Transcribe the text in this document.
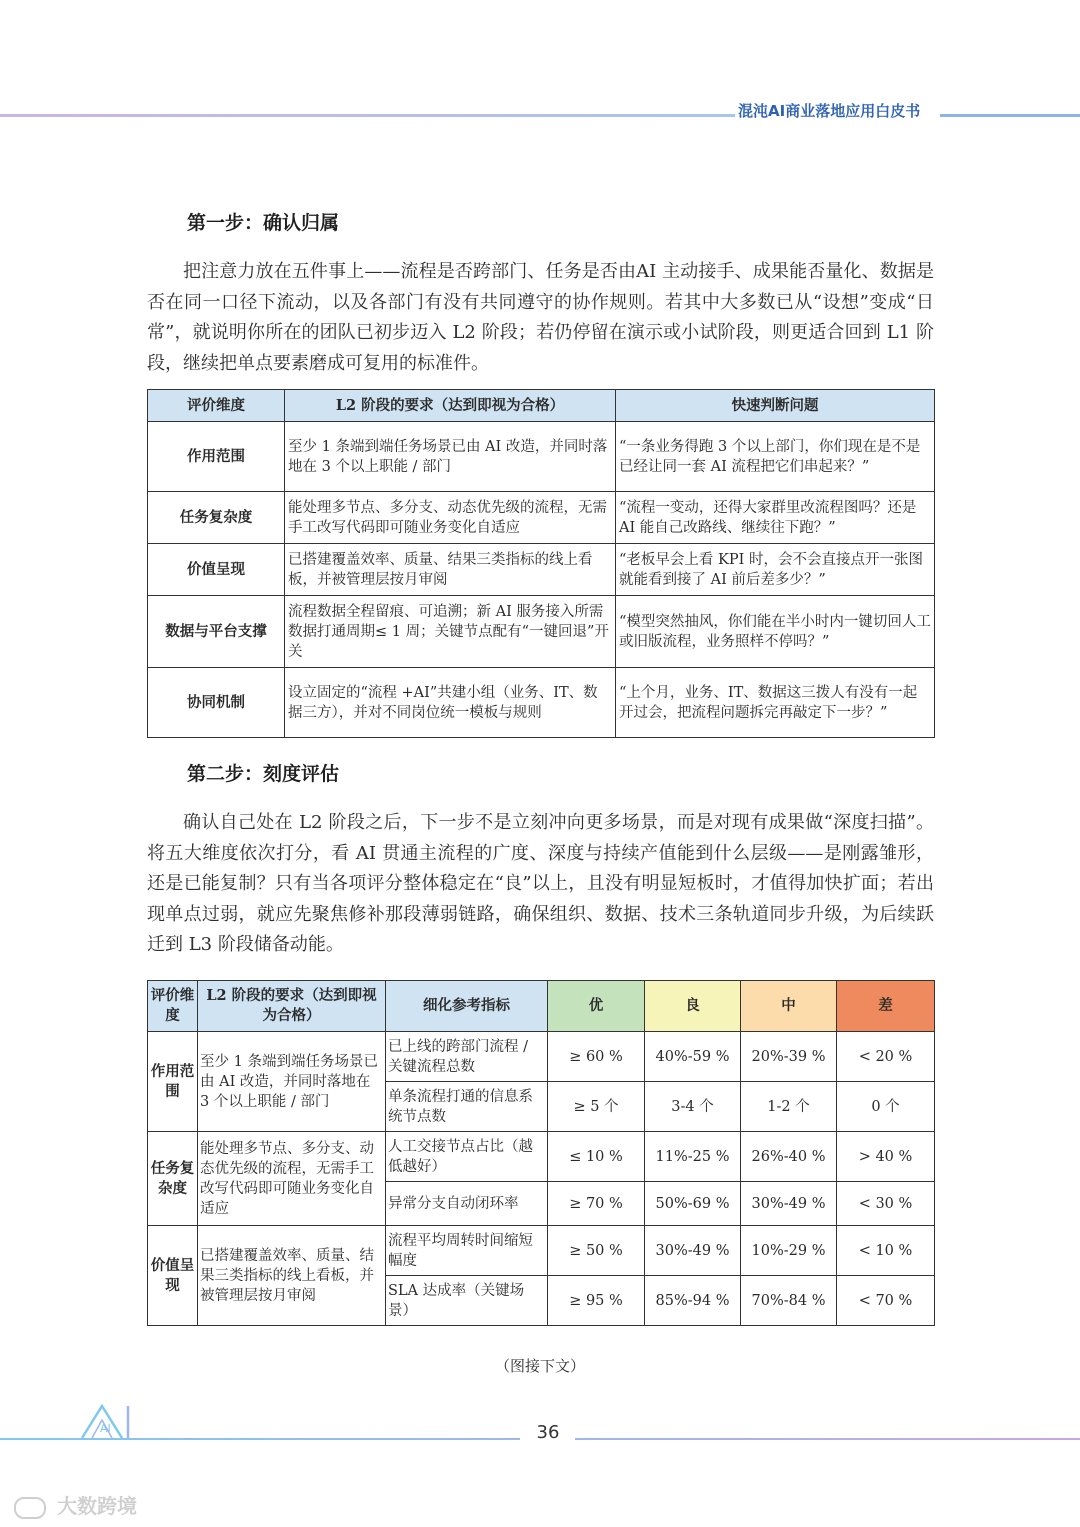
混沌AI商业落地应用白皮书
第一步：确认归属

把注意力放在五件事上——流程是否跨部门、任务是否由AI 主动接手、成果能否量化、数据是否在同一口径下流动，以及各部门有没有共同遵守的协作规则。若其中大多数已从“设想”变成“日常”，就说明你所在的团队已初步迈入 L2 阶段；若仍停留在演示或小试阶段，则更适合回到 L1 阶段，继续把单点要素磨成可复用的标准件。

评价维度	L2 阶段的要求（达到即视为合格）	快速判断问题
作用范围	至少 1 条端到端任务场景已由 AI 改造，并同时落地在 3 个以上职能 / 部门	“一条业务得跑 3 个以上部门，你们现在是不是已经让同一套 AI 流程把它们串起来？”
任务复杂度	能处理多节点、多分支、动态优先级的流程，无需手工改写代码即可随业务变化自适应	“流程一变动，还得大家群里改流程图吗？还是 AI 能自己改路线、继续往下跑？”
价值呈现	已搭建覆盖效率、质量、结果三类指标的线上看板，并被管理层按月审阅	“老板早会上看 KPI 时，会不会直接点开一张图就能看到接了 AI 前后差多少？”
数据与平台支撑	流程数据全程留痕、可追溯；新 AI 服务接入所需数据打通周期≤ 1 周；关键节点配有“一键回退”开关	“模型突然抽风，你们能在半小时内一键切回人工或旧版流程，业务照样不停吗？”
协同机制	设立固定的“流程 +AI”共建小组（业务、IT、数据三方），并对不同岗位统一模板与规则	“上个月，业务、IT、数据这三拨人有没有一起开过会，把流程问题拆完再敲定下一步？”
第二步：刻度评估

确认自己处在 L2 阶段之后，下一步不是立刻冲向更多场景，而是对现有成果做“深度扫描”。将五大维度依次打分，看 AI 贯通主流程的广度、深度与持续产值能到什么层级——是刚露雏形，还是已能复制？只有当各项评分整体稳定在“良”以上，且没有明显短板时，才值得加快扩面；若出现单点过弱，就应先聚焦修补那段薄弱链路，确保组织、数据、技术三条轨道同步升级，为后续跃迁到 L3 阶段储备动能。

评价维度	L2 阶段的要求（达到即视为合格）	细化参考指标	优	良	中	差
作用范围	至少 1 条端到端任务场景已由 AI 改造，并同时落地在 3 个以上职能 / 部门	已上线的跨部门流程 / 关键流程总数	≥ 60 %	40%-59 %	20%-39 %	< 20 %
		单条流程打通的信息系统节点数	≥ 5 个	3-4 个	1-2 个	0 个
任务复杂度	能处理多节点、多分支、动态优先级的流程，无需手工改写代码即可随业务变化自适应	人工交接节点占比（越低越好）	≤ 10 %	11%-25 %	26%-40 %	> 40 %
		异常分支自动闭环率	≥ 70 %	50%-69 %	30%-49 %	< 30 %
价值呈现	已搭建覆盖效率、质量、结果三类指标的线上看板，并被管理层按月审阅	流程平均周转时间缩短幅度	≥ 50 %	30%-49 %	10%-29 %	< 10 %
		SLA 达成率（关键场景）	≥ 95 %	85%-94 %	70%-84 %	< 70 %
（图接下文）
AI	36
大数跨境
